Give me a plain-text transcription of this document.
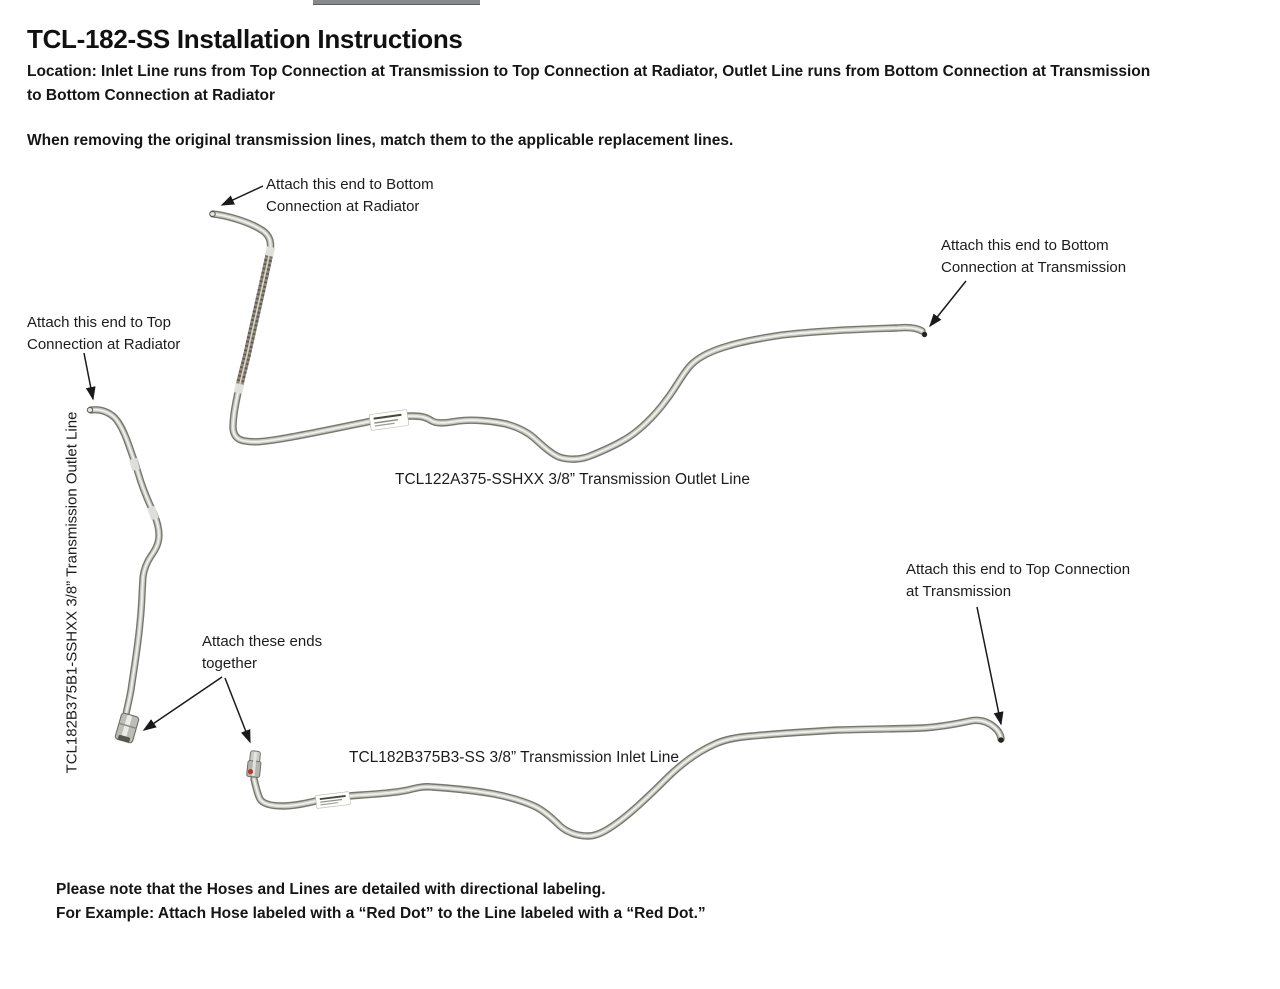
TCL-182-SS Installation Instructions
Location: Inlet Line runs from Top Connection at Transmission to Top Connection at Radiator, Outlet Line runs from Bottom Connection at Transmission
to Bottom Connection at Radiator
When removing the original transmission lines, match them to the applicable replacement lines.
Attach this end to Bottom
Connection at Radiator
Attach this end to Bottom
Connection at Transmission
Attach this end to Top
Connection at Radiator
Attach this end to Top Connection
at Transmission
Attach these ends
together
TCL122A375-SSHXX 3/8” Transmission Outlet Line
TCL182B375B1-SSHXX 3/8” Transmission Outlet Line	TCL182B375B3-SS 3/8” Transmission Inlet Line
Please note that the Hoses and Lines are detailed with directional labeling.
For Example: Attach Hose labeled with a “Red Dot” to the Line labeled with a “Red Dot.”
